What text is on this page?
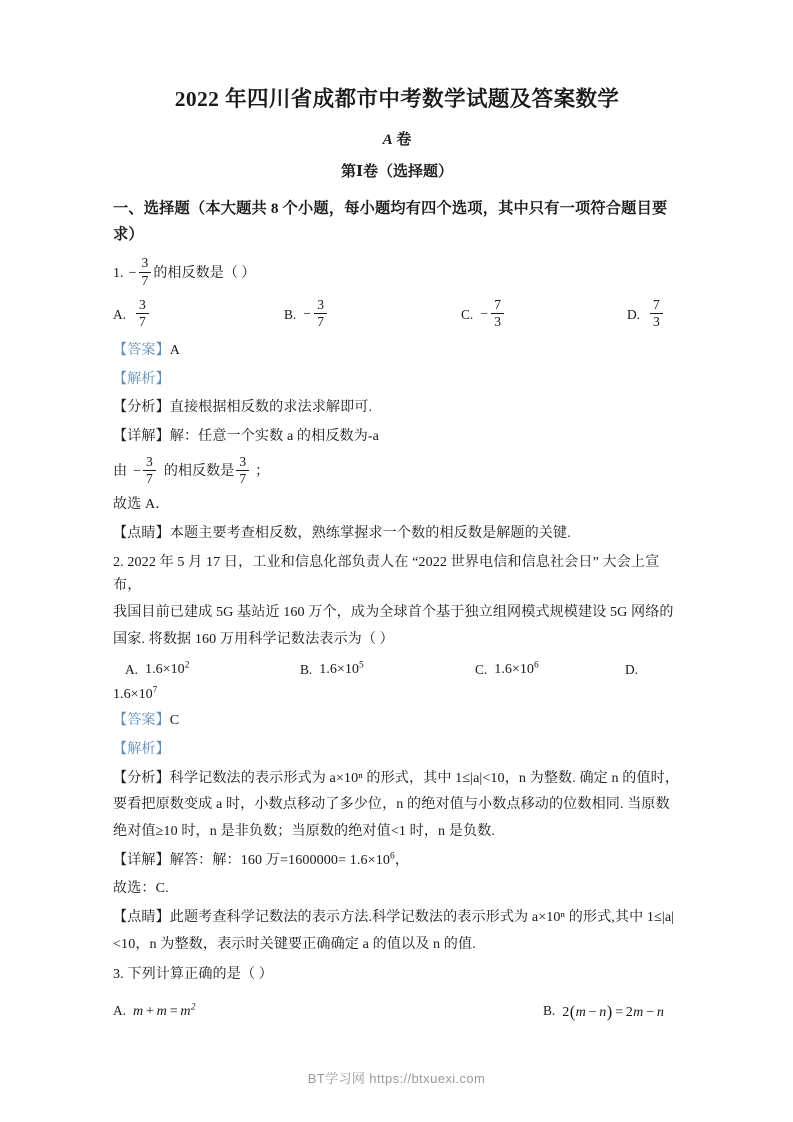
2022 年四川省成都市中考数学试题及答案数学
A 卷
第Ⅰ卷（选择题）
一、选择题（本大题共 8 个小题，每小题均有四个选项，其中只有一项符合题目要求）
1. − $\frac{3}{7}$ 的相反数是（ ）
A. $\frac{3}{7}$	B. − $\frac{3}{7}$	C. − $\frac{7}{3}$	D. $\frac{7}{3}$
【答案】A
【解析】
【分析】直接根据相反数的求法求解即可.
【详解】解：任意一个实数 a 的相反数为-a
由 − $\frac{3}{7}$ 的相反数是 $\frac{3}{7}$ ；
故选 A．
【点睛】本题主要考查相反数，熟练掌握求一个数的相反数是解题的关键.
2. 2022 年 5 月 17 日，工业和信息化部负责人在 “2022 世界电信和信息社会日” 大会上宣布，
我国目前已建成 5G 基站近 160 万个，成为全球首个基于独立组网模式规模建设 5G 网络的
国家. 将数据 160 万用科学记数法表示为（ ）
A. $1.6\times 10^2$	B. $1.6\times 10^5$	C. $1.6\times 10^6$	D.
$1.6\times 10^7$
【答案】C
【解析】
【分析】科学记数法的表示形式为 a×10ⁿ 的形式，其中 1≤|a|<10，n 为整数. 确定 n 的值时，
要看把原数变成 a 时，小数点移动了多少位，n 的绝对值与小数点移动的位数相同. 当原数
绝对值≥10 时，n 是非负数；当原数的绝对值<1 时，n 是负数.
【详解】解答：解：160 万$=1600000= 1.6\times 10^6$，
故选：C.
【点睛】此题考查科学记数法的表示方法.科学记数法的表示形式为 a×10ⁿ 的形式,其中 1≤|a|
<10，n 为整数，表示时关键要正确确定 a 的值以及 n 的值.
3. 下列计算正确的是（ ）
A. m + m = $m^2$	B. 2(m − n) = 2m − n
BT学习网 https://btxuexi.com
